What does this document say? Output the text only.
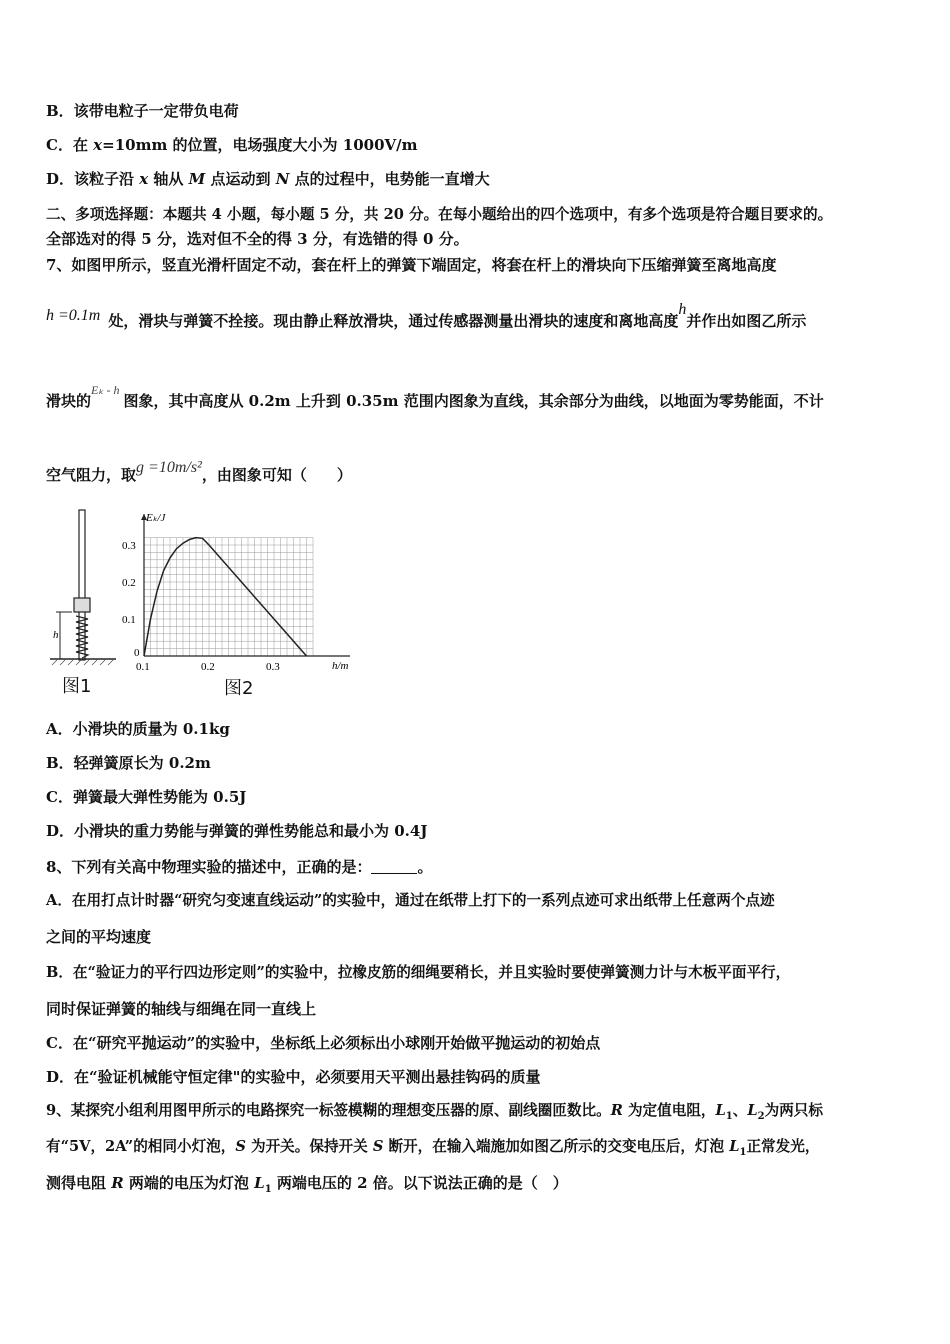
B．该带电粒子一定带负电荷
C．在 x=10mm 的位置，电场强度大小为 1000V/m
D．该粒子沿 x 轴从 M 点运动到 N 点的过程中，电势能一直增大
二、多项选择题：本题共 4 小题，每小题 5 分，共 20 分。在每小题给出的四个选项中，有多个选项是符合题目要求的。
全部选对的得 5 分，选对但不全的得 3 分，有选错的得 0 分。
7、如图甲所示，竖直光滑杆固定不动，套在杆上的弹簧下端固定，将套在杆上的滑块向下压缩弹簧至离地高度
h =0.1m 处，滑块与弹簧不拴接。现由静止释放滑块，通过传感器测量出滑块的速度和离地高度h并作出如图乙所示
滑块的$^{E_k - h}$图象，其中高度从 0.2m 上升到 0.35m 范围内图象为直线，其余部分为曲线，以地面为零势能面，不计
空气阻力，取g =10m/s²，由图象可知（　　）
h
图1
Eₖ/J
h/m
0
0.1
0.2
0.3
0.1	0.2	0.3
图2
A．小滑块的质量为 0.1kg
B．轻弹簧原长为 0.2m
C．弹簧最大弹性势能为 0.5J
D．小滑块的重力势能与弹簧的弹性势能总和最小为 0.4J
8、下列有关高中物理实验的描述中，正确的是：	。
A．在用打点计时器“研究匀变速直线运动”的实验中，通过在纸带上打下的一系列点迹可求出纸带上任意两个点迹
之间的平均速度
B．在“验证力的平行四边形定则”的实验中，拉橡皮筋的细绳要稍长，并且实验时要使弹簧测力计与木板平面平行，
同时保证弹簧的轴线与细绳在同一直线上
C．在“研究平抛运动”的实验中，坐标纸上必须标出小球刚开始做平抛运动的初始点
D．在“验证机械能守恒定律"的实验中，必须要用天平测出悬挂钩码的质量
9、某探究小组利用图甲所示的电路探究一标签模糊的理想变压器的原、副线圈匝数比。R 为定值电阻，$L_1$、$L_2$为两只标
有“5V，2A”的相同小灯泡，S 为开关。保持开关 S 断开，在输入端施加如图乙所示的交变电压后，灯泡 $L_1$正常发光，
测得电阻 R 两端的电压为灯泡 $L_1$ 两端电压的 2 倍。以下说法正确的是（　）
